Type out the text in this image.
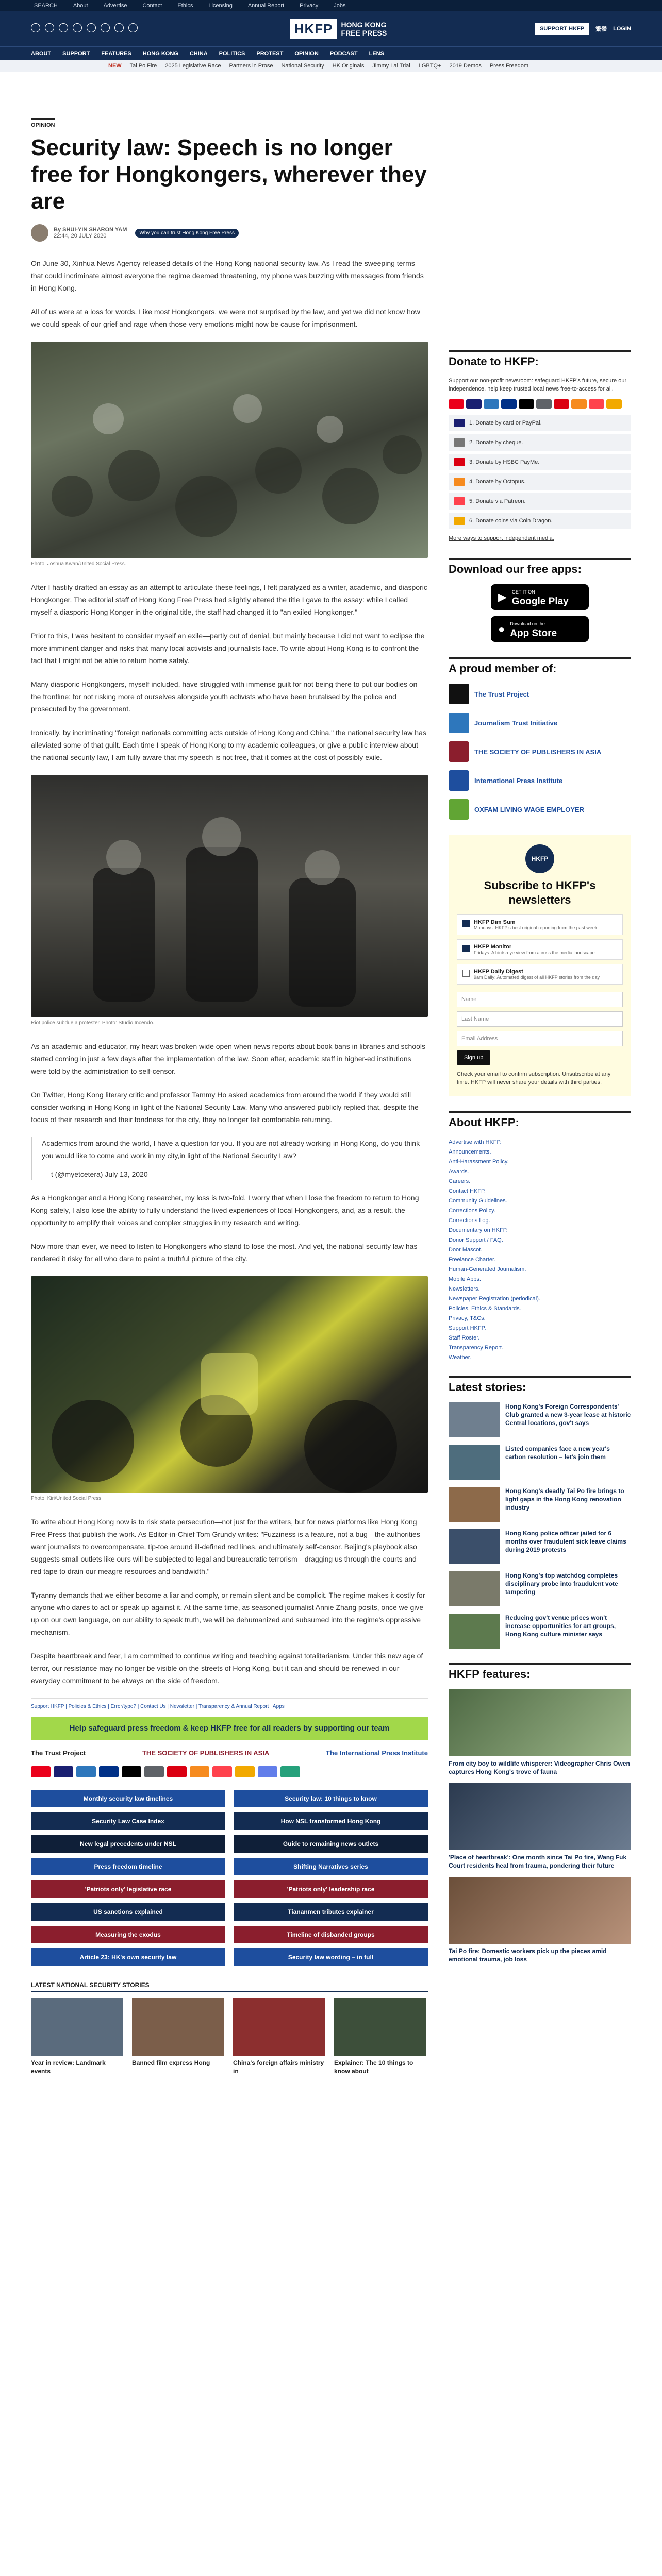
SEARCH	About	Advertise	Contact	Ethics	Licensing	Annual Report	Privacy	Jobs
HKFP	HONG KONG
FREE PRESS	SUPPORT HKFP	繁體 LOGIN
ABOUT SUPPORT FEATURES HONG KONG CHINA POLITICS PROTEST OPINION PODCAST LENS
NEW Tai Po Fire 2025 Legislative Race Partners in Prose National Security HK Originals Jimmy Lai Trial LGBTQ+ 2019 Demos Press Freedom
OPINION
Security law: Speech is no longer free for Hongkongers, wherever they are
By SHUI-YIN SHARON YAM
22:44, 20 JULY 2020	Why you can trust Hong Kong Free Press

On June 30, Xinhua News Agency released details of the Hong Kong national security law. As I read the sweeping terms that could incriminate almost everyone the regime deemed threatening, my phone was buzzing with messages from friends in Hong Kong.

All of us were at a loss for words. Like most Hongkongers, we were not surprised by the law, and yet we did not know how we could speak of our grief and rage when those very emotions might now be cause for imprisonment.

Photo: Joshua Kwan/United Social Press.

After I hastily drafted an essay as an attempt to articulate these feelings, I felt paralyzed as a writer, academic, and diasporic Hongkonger. The editorial staff of Hong Kong Free Press had slightly altered the title I gave to the essay: while I called myself a diasporic Hong Konger in the original title, the staff had changed it to "an exiled Hongkonger."

Prior to this, I was hesitant to consider myself an exile—partly out of denial, but mainly because I did not want to eclipse the more imminent danger and risks that many local activists and journalists face. To write about Hong Kong is to confront the fact that I might not be able to return home safely.

Many diasporic Hongkongers, myself included, have struggled with immense guilt for not being there to put our bodies on the frontline: for not risking more of ourselves alongside youth activists who have been brutalised by the police and prosecuted by the government.

Ironically, by incriminating "foreign nationals committing acts outside of Hong Kong and China," the national security law has alleviated some of that guilt. Each time I speak of Hong Kong to my academic colleagues, or give a public interview about the national security law, I am fully aware that my speech is not free, that it comes at the cost of possibly exile.

Riot police subdue a protester. Photo: Studio Incendo.

As an academic and educator, my heart was broken wide open when news reports about book bans in libraries and schools started coming in just a few days after the implementation of the law. Soon after, academic staff in higher-ed institutions were told by the administration to self-censor.

On Twitter, Hong Kong literary critic and professor Tammy Ho asked academics from around the world if they would still consider working in Hong Kong in light of the National Security Law. Many who answered publicly replied that, despite the focus of their research and their fondness for the city, they no longer felt comfortable returning.

Academics from around the world, I have a question for you. If you are not already working in Hong Kong, do you think you would like to come and work in my city,in light of the National Security Law?

— t (@myetcetera) July 13, 2020

As a Hongkonger and a Hong Kong researcher, my loss is two-fold. I worry that when I lose the freedom to return to Hong Kong safely, I also lose the ability to fully understand the lived experiences of local Hongkongers, and, as a result, the opportunity to amplify their voices and complex struggles in my research and writing.

Now more than ever, we need to listen to Hongkongers who stand to lose the most. And yet, the national security law has rendered it risky for all who dare to paint a truthful picture of the city.

Photo: Kiri/United Social Press.

To write about Hong Kong now is to risk state persecution—not just for the writers, but for news platforms like Hong Kong Free Press that publish the work. As Editor-in-Chief Tom Grundy writes: "Fuzziness is a feature, not a bug—the authorities want journalists to overcompensate, tip-toe around ill-defined red lines, and ultimately self-censor. Beijing's playbook also suggests small outlets like ours will be subjected to legal and bureaucratic terrorism—dragging us through the courts and red tape to drain our meagre resources and bandwidth."

Tyranny demands that we either become a liar and comply, or remain silent and be complicit. The regime makes it costly for anyone who dares to act or speak up against it. At the same time, as seasoned journalist Annie Zhang posits, once we give up on our own language, on our ability to speak truth, we will be dehumanized and subsumed into the regime's oppressive mechanism.

Despite heartbreak and fear, I am committed to continue writing and teaching against totalitarianism. Under this new age of terror, our resistance may no longer be visible on the streets of Hong Kong, but it can and should be renewed in our everyday commitment to be always on the side of freedom.

Support HKFP | Policies & Ethics | Error/typo? | Contact Us | Newsletter | Transparency & Annual Report | Apps
Help safeguard press freedom & keep HKFP free for all readers by supporting our team
The Trust Project	THE SOCIETY OF PUBLISHERS IN ASIA	The International Press Institute
Monthly security law timelines	Security law: 10 things to know
Security Law Case Index	How NSL transformed Hong Kong
New legal precedents under NSL	Guide to remaining news outlets
Press freedom timeline	Shifting Narratives series
'Patriots only' legislative race	'Patriots only' leadership race
US sanctions explained	Tiananmen tributes explainer
Measuring the exodus	Timeline of disbanded groups
Article 23: HK's own security law	Security law wording – in full
LATEST NATIONAL SECURITY STORIES
Year in review: Landmark events
Banned film express Hong	China's foreign affairs ministry in
Explainer: The 10 things to know about
Donate to HKFP:
Support our non-profit newsroom: safeguard HKFP's future, secure our independence, help keep trusted local news free-to-access for all.
1. Donate by card or PayPal.
2. Donate by cheque.
3. Donate by HSBC PayMe.
4. Donate by Octopus.
5. Donate via Patreon.
6. Donate coins via Coin Dragon.
More ways to support independent media.
Download our free apps:
▶ GET IT ON
Google Play
● Download on the
App Store
A proud member of:
The Trust Project
Journalism Trust Initiative
THE SOCIETY OF PUBLISHERS IN ASIA
International Press Institute
OXFAM LIVING WAGE EMPLOYER
HKFP
Subscribe to HKFP's newsletters
HKFP Dim Sum
Mondays: HKFP's best original reporting from the past week.
HKFP Monitor
Fridays: A birds-eye view from across the media landscape.
HKFP Daily Digest
9am Daily: Automated digest of all HKFP stories from the day.
Name
Last Name
Email Address
Sign up
Check your email to confirm subscription. Unsubscribe at any time. HKFP will never share your details with third parties.
About HKFP:
Advertise with HKFP.
Announcements.
Anti-Harassment Policy.
Awards.
Careers.
Contact HKFP.
Community Guidelines.
Corrections Policy.
Corrections Log.
Documentary on HKFP.
Donor Support / FAQ.
Door Mascot.
Freelance Charter.
Human-Generated Journalism.
Mobile Apps.
Newsletters.
Newspaper Registration (periodical).
Policies, Ethics & Standards.
Privacy, T&Cs.
Support HKFP.
Staff Roster.
Transparency Report.
Weather.
Latest stories:
Hong Kong's Foreign Correspondents' Club granted a new 3-year lease at historic Central locations, gov't says
Listed companies face a new year's carbon resolution – let's join them
Hong Kong's deadly Tai Po fire brings to light gaps in the Hong Kong renovation industry
Hong Kong police officer jailed for 6 months over fraudulent sick leave claims during 2019 protests
Hong Kong's top watchdog completes disciplinary probe into fraudulent vote tampering
Reducing gov't venue prices won't increase opportunities for art groups, Hong Kong culture minister says
HKFP features:
From city boy to wildlife whisperer: Videographer Chris Owen captures Hong Kong's trove of fauna
'Place of heartbreak': One month since Tai Po fire, Wang Fuk Court residents heal from trauma, pondering their future
Tai Po fire: Domestic workers pick up the pieces amid emotional trauma, job loss
